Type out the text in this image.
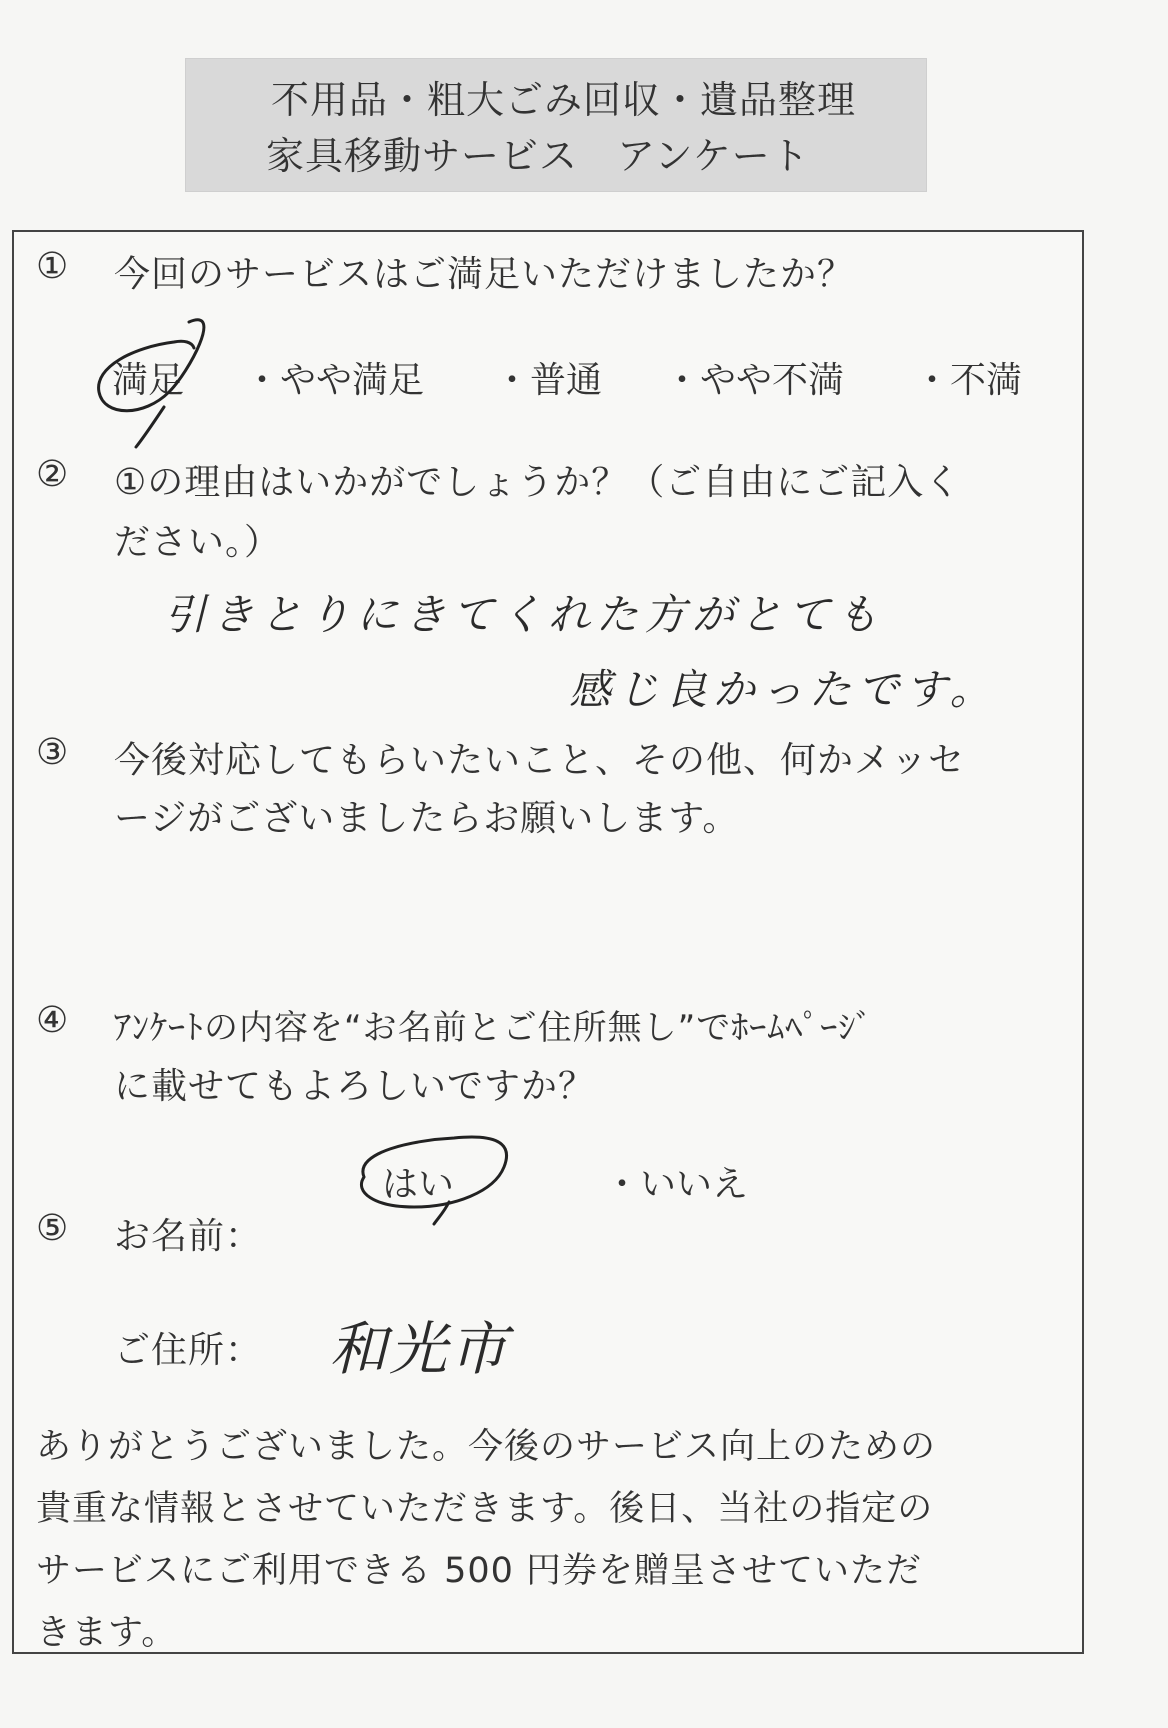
不用品・粗大ごみ回収・遺品整理
家具移動サービス　アンケート
① 今回のサービスはご満足いただけましたか？
満足 ・やや満足 ・普通 ・やや不満 ・不満
② ①の理由はいかがでしょうか？（ご自由にご記入く
ださい。）
引きとりにきてくれた方がとても
感じ良かったです。
③ 今後対応してもらいたいこと、その他、何かメッセ
ージがございましたらお願いします。
④ ｱﾝｹｰﾄの内容を“お名前とご住所無し”でﾎｰﾑﾍﾟｰｼﾞ
に載せてもよろしいですか？
はい	・いいえ
⑤ お名前：
ご住所： 和光市
ありがとうございました。今後のサービス向上のための
貴重な情報とさせていただきます。後日、当社の指定の
サービスにご利用できる 500 円券を贈呈させていただ
きます。
